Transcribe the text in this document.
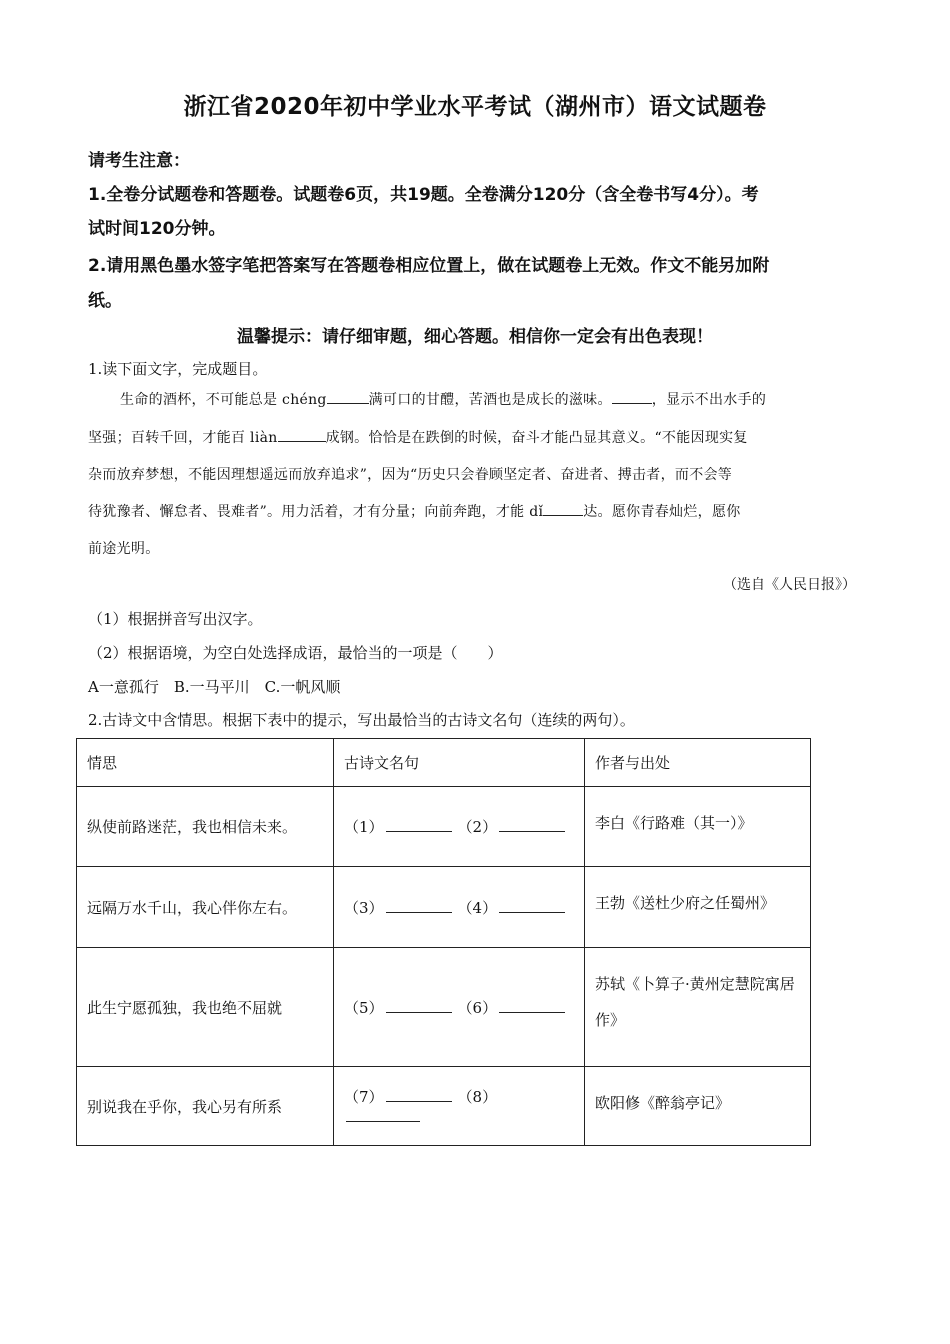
浙江省2020年初中学业水平考试（湖州市）语文试题卷
请考生注意：
1.全卷分试题卷和答题卷。试题卷6页，共19题。全卷满分120分（含全卷书写4分）。考
试时间120分钟。
2.请用黑色墨水签字笔把答案写在答题卷相应位置上，做在试题卷上无效。作文不能另加附
纸。
温馨提示：请仔细审题，细心答题。相信你一定会有出色表现！
1.读下面文字，完成题目。
生命的酒杯，不可能总是 chéng	满可口的甘醴，苦酒也是成长的滋味。	，显示不出水手的
坚强；百转千回，才能百 liàn	成钢。恰恰是在跌倒的时候，奋斗才能凸显其意义。“不能因现实复
杂而放弃梦想，不能因理想遥远而放弃追求”，因为“历史只会眷顾坚定者、奋进者、搏击者，而不会等
待犹豫者、懈怠者、畏难者”。用力活着，才有分量；向前奔跑，才能 dǐ	达。愿你青春灿烂，愿你
前途光明。
（选自《人民日报》）
（1）根据拼音写出汉字。
（2）根据语境，为空白处选择成语，最恰当的一项是（　　）
A一意孤行　B.一马平川　C.一帆风顺
2.古诗文中含情思。根据下表中的提示，写出最恰当的古诗文名句（连续的两句）。
情思	古诗文名句	作者与出处
纵使前路迷茫，我也相信未来。	（1） （2）	李白《行路难（其一）》
远隔万水千山，我心伴你左右。	（3） （4）	王勃《送杜少府之任蜀州》
此生宁愿孤独，我也绝不屈就	（5） （6）	苏轼《卜算子·黄州定慧院寓居作》
别说我在乎你，我心另有所系	（7） （8）	欧阳修《醉翁亭记》
